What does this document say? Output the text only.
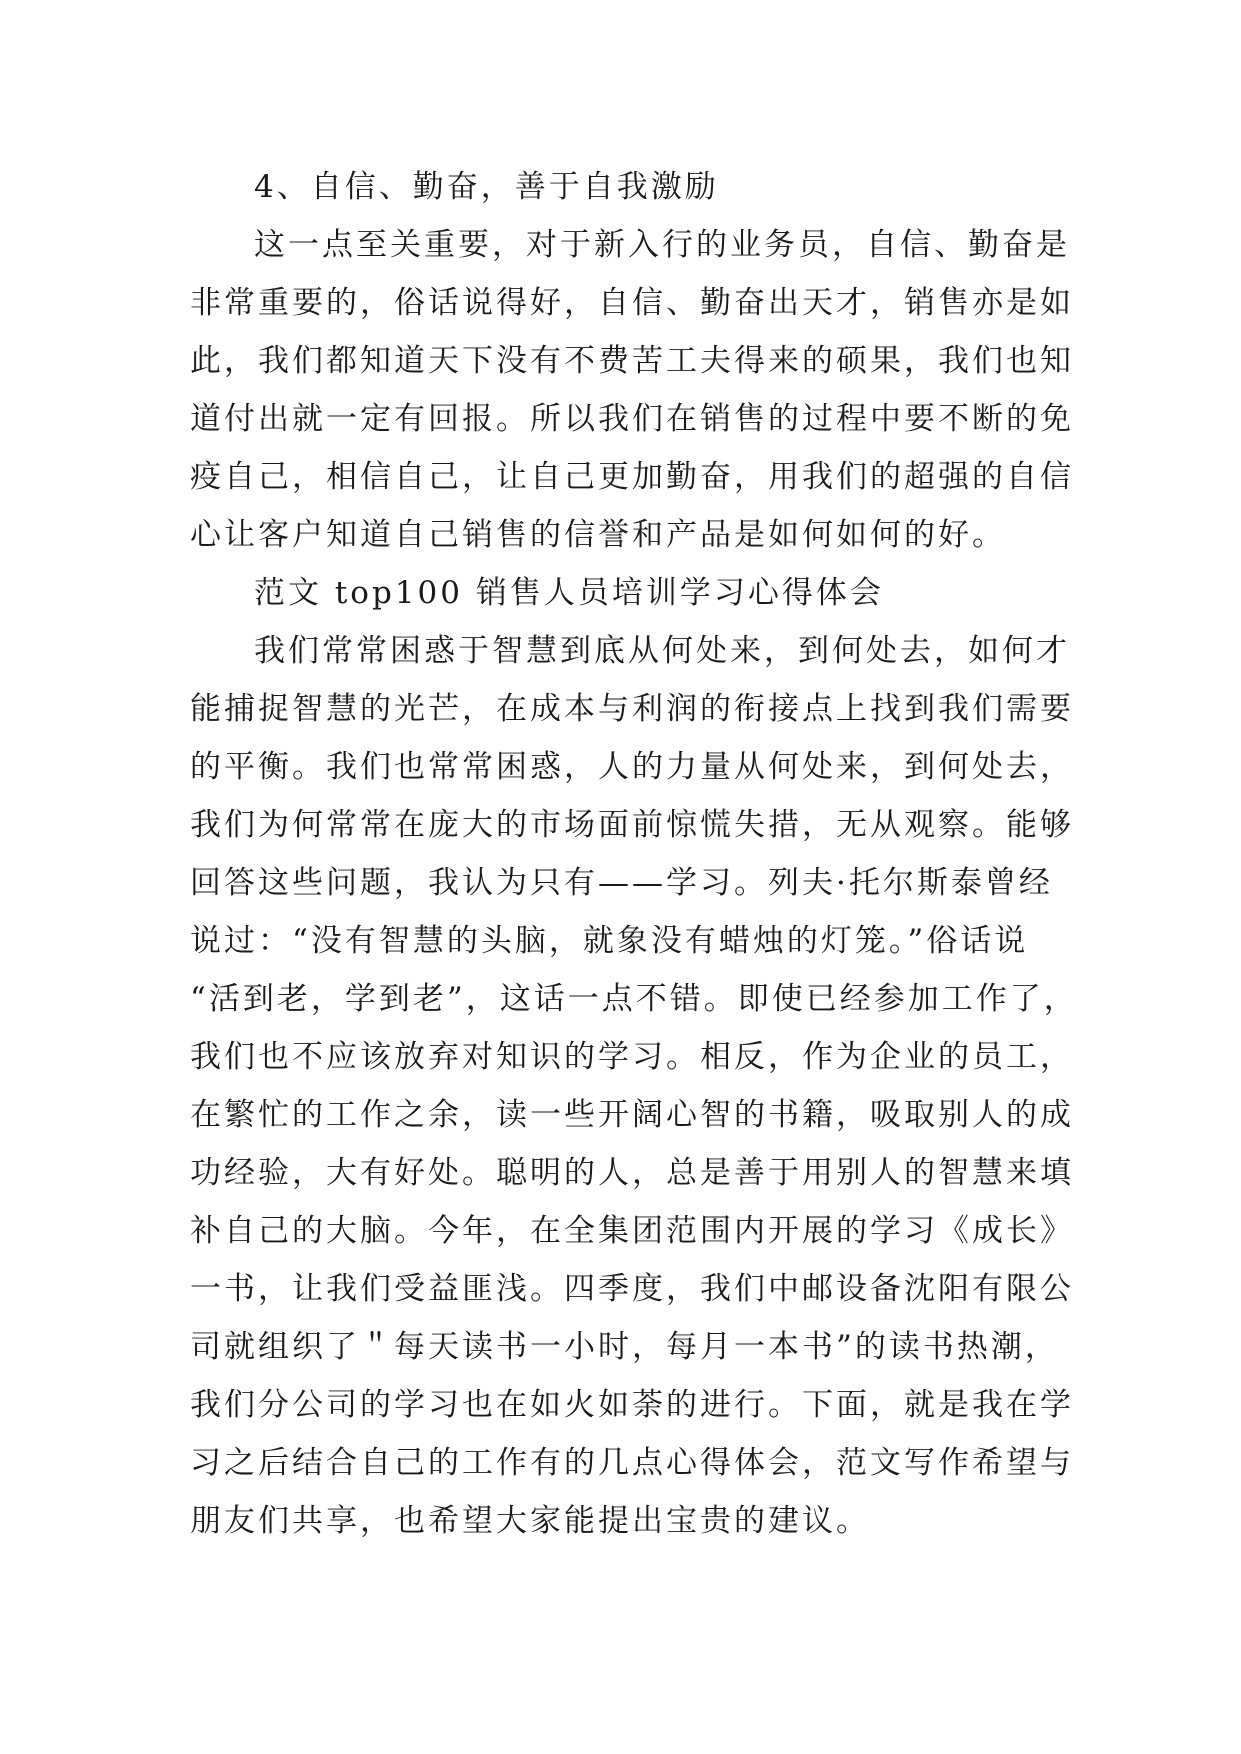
4、自信、勤奋，善于自我激励
这一点至关重要，对于新入行的业务员，自信、勤奋是
非常重要的，俗话说得好，自信、勤奋出天才，销售亦是如
此，我们都知道天下没有不费苦工夫得来的硕果，我们也知
道付出就一定有回报。所以我们在销售的过程中要不断的免
疫自己，相信自己，让自己更加勤奋，用我们的超强的自信
心让客户知道自己销售的信誉和产品是如何如何的好。
范文 top100 销售人员培训学习心得体会
我们常常困惑于智慧到底从何处来，到何处去，如何才
能捕捉智慧的光芒，在成本与利润的衔接点上找到我们需要
的平衡。我们也常常困惑，人的力量从何处来，到何处去，
我们为何常常在庞大的市场面前惊慌失措，无从观察。能够
回答这些问题，我认为只有——学习。列夫·托尔斯泰曾经
说过：“没有智慧的头脑，就象没有蜡烛的灯笼。”俗话说
“活到老，学到老”，这话一点不错。即使已经参加工作了，
我们也不应该放弃对知识的学习。相反，作为企业的员工，
在繁忙的工作之余，读一些开阔心智的书籍，吸取别人的成
功经验，大有好处。聪明的人，总是善于用别人的智慧来填
补自己的大脑。今年，在全集团范围内开展的学习《成长》
一书，让我们受益匪浅。四季度，我们中邮设备沈阳有限公
司就组织了＂每天读书一小时，每月一本书”的读书热潮，
我们分公司的学习也在如火如荼的进行。下面，就是我在学
习之后结合自己的工作有的几点心得体会，范文写作希望与
朋友们共享，也希望大家能提出宝贵的建议。
